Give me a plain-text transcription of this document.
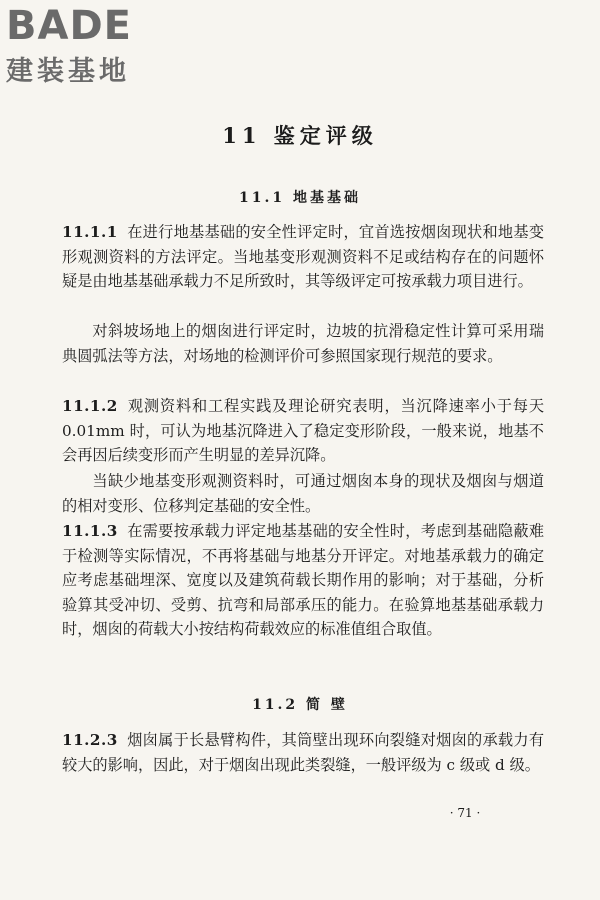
BADE
建装基地
11 鉴定评级
11.1 地基基础

11.1.1 在进行地基基础的安全性评定时，宜首选按烟囱现状和地基变形观测资料的方法评定。当地基变形观测资料不足或结构存在的问题怀疑是由地基基础承载力不足所致时，其等级评定可按承载力项目进行。

对斜坡场地上的烟囱进行评定时，边坡的抗滑稳定性计算可采用瑞典圆弧法等方法，对场地的检测评价可参照国家现行规范的要求。

11.1.2 观测资料和工程实践及理论研究表明，当沉降速率小于每天 0.01mm 时，可认为地基沉降进入了稳定变形阶段，一般来说，地基不会再因后续变形而产生明显的差异沉降。

当缺少地基变形观测资料时，可通过烟囱本身的现状及烟囱与烟道的相对变形、位移判定基础的安全性。

11.1.3 在需要按承载力评定地基基础的安全性时，考虑到基础隐蔽难于检测等实际情况，不再将基础与地基分开评定。对地基承载力的确定应考虑基础埋深、宽度以及建筑荷载长期作用的影响；对于基础，分析验算其受冲切、受剪、抗弯和局部承压的能力。在验算地基基础承载力时，烟囱的荷载大小按结构荷载效应的标准值组合取值。

11.2 简 壁

11.2.3 烟囱属于长悬臂构件，其筒壁出现环向裂缝对烟囱的承载力有较大的影响，因此，对于烟囱出现此类裂缝，一般评级为 c 级或 d 级。

· 71 ·
